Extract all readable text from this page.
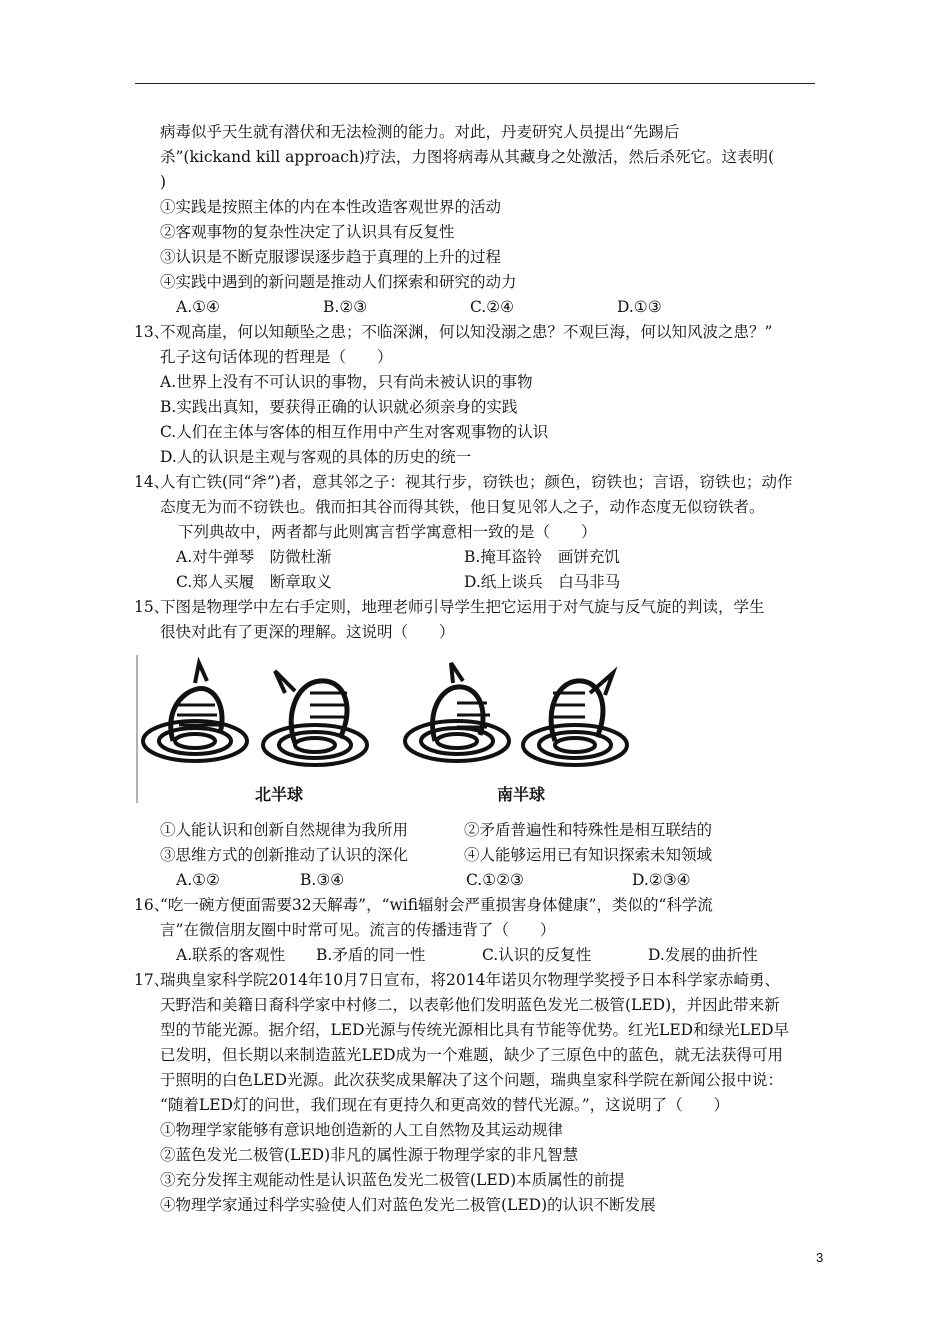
病毒似乎天生就有潜伏和无法检测的能力。对此，丹麦研究人员提出“先踢后
杀”(kickand kill approach)疗法，力图将病毒从其藏身之处激活，然后杀死它。这表明(
)
①实践是按照主体的内在本性改造客观世界的活动
②客观事物的复杂性决定了认识具有反复性
③认识是不断克服谬误逐步趋于真理的上升的过程
④实践中遇到的新问题是推动人们探索和研究的动力
A.①④	B.②③	C.②④	D.①③
13、
不观高崖，何以知颠坠之患；不临深渊，何以知没溺之患？不观巨海，何以知风波之患？”
孔子这句话体现的哲理是（　　）
A.世界上没有不可认识的事物，只有尚未被认识的事物
B.实践出真知，要获得正确的认识就必须亲身的实践
C.人们在主体与客体的相互作用中产生对客观事物的认识
D.人的认识是主观与客观的具体的历史的统一
14、
人有亡铁(同“斧”)者，意其邻之子：视其行步，窃铁也；颜色，窃铁也；言语，窃铁也；动作
态度无为而不窃铁也。俄而抇其谷而得其铁，他日复见邻人之子，动作态度无似窃铁者。
下列典故中，两者都与此则寓言哲学寓意相一致的是（　　）
A.对牛弹琴　防微杜渐	B.掩耳盗铃　画饼充饥
C.郑人买履　断章取义	D.纸上谈兵　白马非马
15、
下图是物理学中左右手定则，地理老师引导学生把它运用于对气旋与反气旋的判读，学生
很快对此有了更深的理解。这说明（　　）
北半球	南半球
①人能认识和创新自然规律为我所用	②矛盾普遍性和特殊性是相互联结的
③思维方式的创新推动了认识的深化	④人能够运用已有知识探索未知领域
A.①②	B.③④	C.①②③	D.②③④
16、
“吃一碗方便面需要32天解毒”，“wifi辐射会严重损害身体健康”，类似的“科学流
言”在微信朋友圈中时常可见。流言的传播违背了（　　）
A.联系的客观性	B.矛盾的同一性	C.认识的反复性	D.发展的曲折性
17、
瑞典皇家科学院2014年10月7日宣布，将2014年诺贝尔物理学奖授予日本科学家赤崎勇、
天野浩和美籍日裔科学家中村修二，以表彰他们发明蓝色发光二极管(LED)，并因此带来新
型的节能光源。据介绍，LED光源与传统光源相比具有节能等优势。红光LED和绿光LED早
已发明，但长期以来制造蓝光LED成为一个难题，缺少了三原色中的蓝色，就无法获得可用
于照明的白色LED光源。此次获奖成果解决了这个问题，瑞典皇家科学院在新闻公报中说：
“随着LED灯的问世，我们现在有更持久和更高效的替代光源。”，这说明了（　　）
①物理学家能够有意识地创造新的人工自然物及其运动规律
②蓝色发光二极管(LED)非凡的属性源于物理学家的非凡智慧
③充分发挥主观能动性是认识蓝色发光二极管(LED)本质属性的前提
④物理学家通过科学实验使人们对蓝色发光二极管(LED)的认识不断发展
3
